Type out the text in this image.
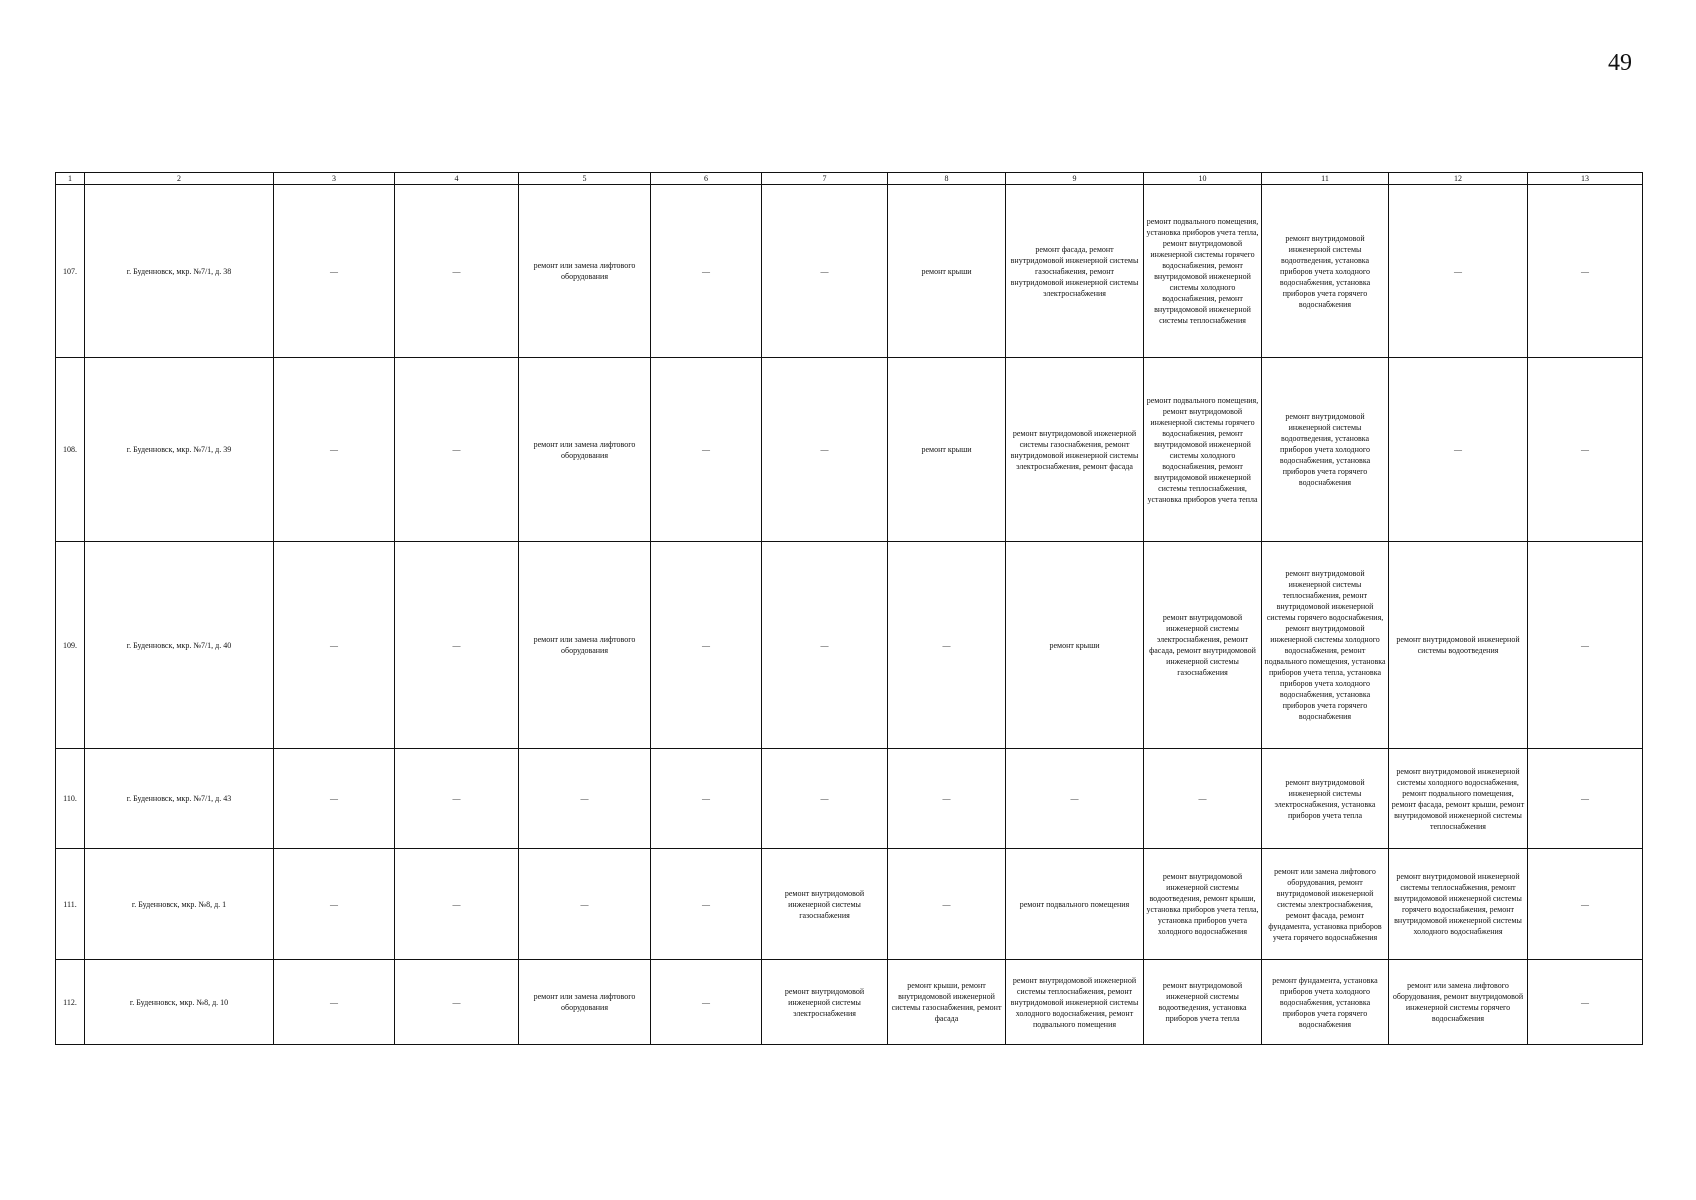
49
1	2	3	4	5	6	7	8	9	10	11	12	13
107.	г. Буденновск, мкр. №7/1, д. 38	—	—	ремонт или замена лифтового оборудования	—	—	ремонт крыши	ремонт фасада, ремонт внутридомовой инженерной системы газоснабжения, ремонт внутридомовой инженерной системы электроснабжения	ремонт подвального помещения, установка приборов учета тепла, ремонт внутридомовой инженерной системы горячего водоснабжения, ремонт внутридомовой инженерной системы холодного водоснабжения, ремонт внутридомовой инженерной системы теплоснабжения	ремонт внутридомовой инженерной системы водоотведения, установка приборов учета холодного водоснабжения, установка приборов учета горячего водоснабжения	—	—
108.	г. Буденновск, мкр. №7/1, д. 39	—	—	ремонт или замена лифтового оборудования	—	—	ремонт крыши	ремонт внутридомовой инженерной системы газоснабжения, ремонт внутридомовой инженерной системы электроснабжения, ремонт фасада	ремонт подвального помещения, ремонт внутридомовой инженерной системы горячего водоснабжения, ремонт внутридомовой инженерной системы холодного водоснабжения, ремонт внутридомовой инженерной системы теплоснабжения, установка приборов учета тепла	ремонт внутридомовой инженерной системы водоотведения, установка приборов учета холодного водоснабжения, установка приборов учета горячего водоснабжения	—	—
109.	г. Буденновск, мкр. №7/1, д. 40	—	—	ремонт или замена лифтового оборудования	—	—	—	ремонт крыши	ремонт внутридомовой инженерной системы электроснабжения, ремонт фасада, ремонт внутридомовой инженерной системы газоснабжения	ремонт внутридомовой инженерной системы теплоснабжения, ремонт внутридомовой инженерной системы горячего водоснабжения, ремонт внутридомовой инженерной системы холодного водоснабжения, ремонт подвального помещения, установка приборов учета тепла, установка приборов учета холодного водоснабжения, установка приборов учета горячего водоснабжения	ремонт внутридомовой инженерной системы водоотведения	—
110.	г. Буденновск, мкр. №7/1, д. 43	—	—	—	—	—	—	—	—	ремонт внутридомовой инженерной системы электроснабжения, установка приборов учета тепла	ремонт внутридомовой инженерной системы холодного водоснабжения, ремонт подвального помещения, ремонт фасада, ремонт крыши, ремонт внутридомовой инженерной системы теплоснабжения	—
111.	г. Буденновск, мкр. №8, д. 1	—	—	—	—	ремонт внутридомовой инженерной системы газоснабжения	—	ремонт подвального помещения	ремонт внутридомовой инженерной системы водоотведения, ремонт крыши, установка приборов учета тепла, установка приборов учета холодного водоснабжения	ремонт или замена лифтового оборудования, ремонт внутридомовой инженерной системы электроснабжения, ремонт фасада, ремонт фундамента, установка приборов учета горячего водоснабжения	ремонт внутридомовой инженерной системы теплоснабжения, ремонт внутридомовой инженерной системы горячего водоснабжения, ремонт внутридомовой инженерной системы холодного водоснабжения	—
112.	г. Буденновск, мкр. №8, д. 10	—	—	ремонт или замена лифтового оборудования	—	ремонт внутридомовой инженерной системы электроснабжения	ремонт крыши, ремонт внутридомовой инженерной системы газоснабжения, ремонт фасада	ремонт внутридомовой инженерной системы теплоснабжения, ремонт внутридомовой инженерной системы холодного водоснабжения, ремонт подвального помещения	ремонт внутридомовой инженерной системы водоотведения, установка приборов учета тепла	ремонт фундамента, установка приборов учета холодного водоснабжения, установка приборов учета горячего водоснабжения	ремонт или замена лифтового оборудования, ремонт внутридомовой инженерной системы горячего водоснабжения	—
